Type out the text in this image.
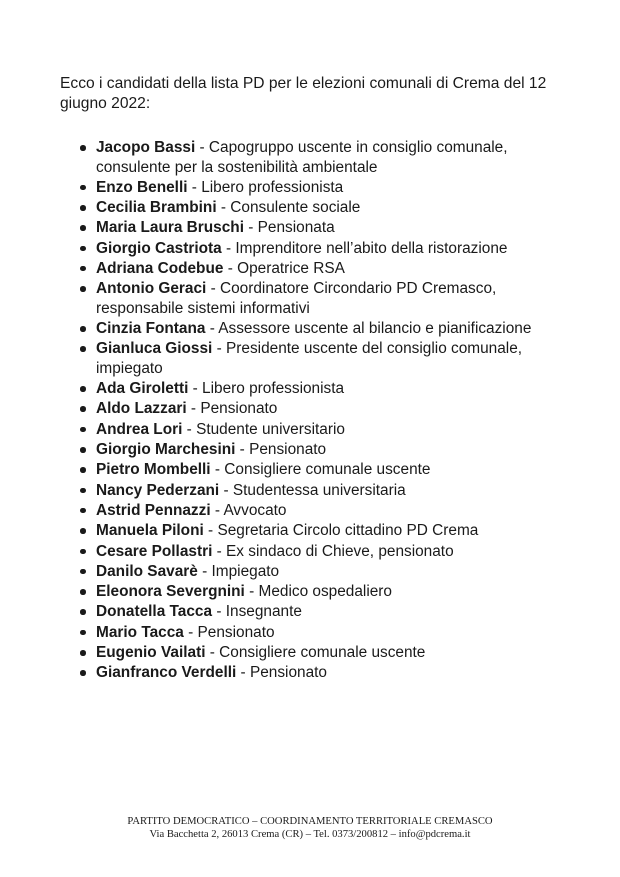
Ecco i candidati della lista PD per le elezioni comunali di Crema del 12 giugno 2022:

Jacopo Bassi - Capogruppo uscente in consiglio comunale, consulente per la sostenibilità ambientale
Enzo Benelli - Libero professionista
Cecilia Brambini - Consulente sociale
Maria Laura Bruschi - Pensionata
Giorgio Castriota - Imprenditore nell’abito della ristorazione
Adriana Codebue - Operatrice RSA
Antonio Geraci - Coordinatore Circondario PD Cremasco, responsabile sistemi informativi
Cinzia Fontana - Assessore uscente al bilancio e pianificazione
Gianluca Giossi - Presidente uscente del consiglio comunale, impiegato
Ada Giroletti - Libero professionista
Aldo Lazzari - Pensionato
Andrea Lori - Studente universitario
Giorgio Marchesini - Pensionato
Pietro Mombelli - Consigliere comunale uscente
Nancy Pederzani - Studentessa universitaria
Astrid Pennazzi - Avvocato
Manuela Piloni - Segretaria Circolo cittadino PD Crema
Cesare Pollastri - Ex sindaco di Chieve, pensionato
Danilo Savarè - Impiegato
Eleonora Severgnini - Medico ospedaliero
Donatella Tacca - Insegnante
Mario Tacca - Pensionato
Eugenio Vailati - Consigliere comunale uscente
Gianfranco Verdelli - Pensionato
PARTITO DEMOCRATICO – COORDINAMENTO TERRITORIALE CREMASCO
Via Bacchetta 2, 26013 Crema (CR) – Tel. 0373/200812 – info@pdcrema.it
